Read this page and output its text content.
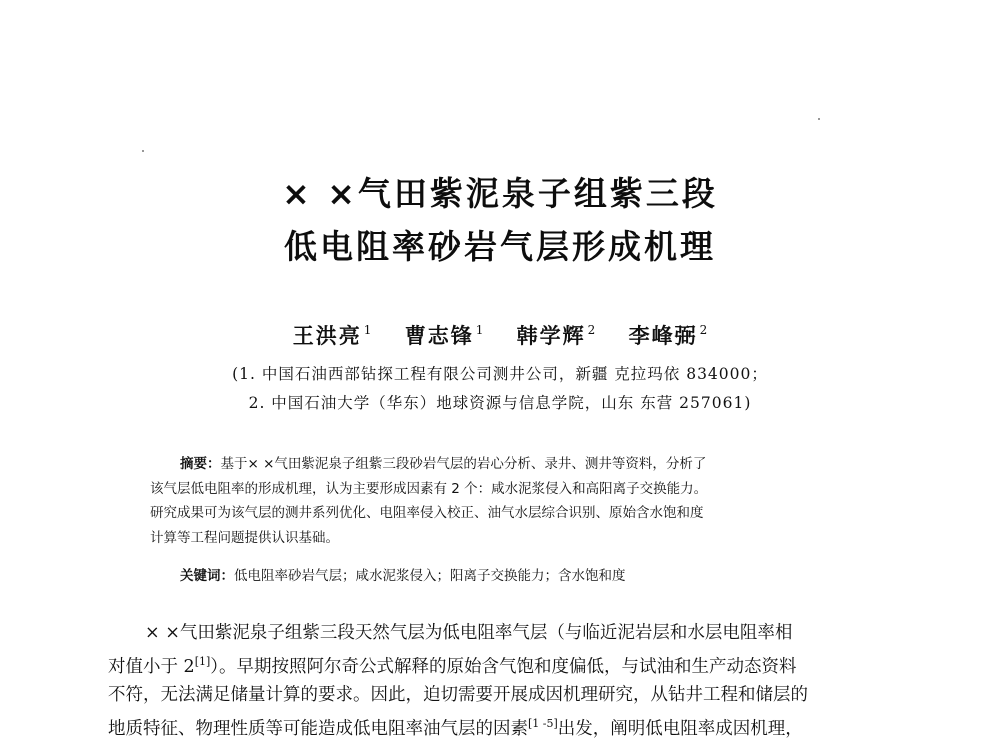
× ×气田紫泥泉子组紫三段
低电阻率砂岩气层形成机理
王洪亮 $^1$ 曹志锋 $^1$ 韩学辉 $^2$ 李峰弼 $^2$
(1. 中国石油西部钻探工程有限公司测井公司，新疆 克拉玛依 834000；
2. 中国石油大学（华东）地球资源与信息学院，山东 东营 257061)
摘要：基于× ×气田紫泥泉子组紫三段砂岩气层的岩心分析、录井、测井等资料，分析了
该气层低电阻率的形成机理，认为主要形成因素有 2 个：咸水泥浆侵入和高阳离子交换能力。
研究成果可为该气层的测井系列优化、电阻率侵入校正、油气水层综合识别、原始含水饱和度
计算等工程问题提供认识基础。
关键词：低电阻率砂岩气层；咸水泥浆侵入；阳离子交换能力；含水饱和度
× ×气田紫泥泉子组紫三段天然气层为低电阻率气层（与临近泥岩层和水层电阻率相
对值小于 2[1]）。早期按照阿尔奇公式解释的原始含气饱和度偏低，与试油和生产动态资料
不符，无法满足储量计算的要求。因此，迫切需要开展成因机理研究，从钻井工程和储层的
地质特征、物理性质等可能造成低电阻率油气层的因素[1 -5]出发，阐明低电阻率成因机理，
